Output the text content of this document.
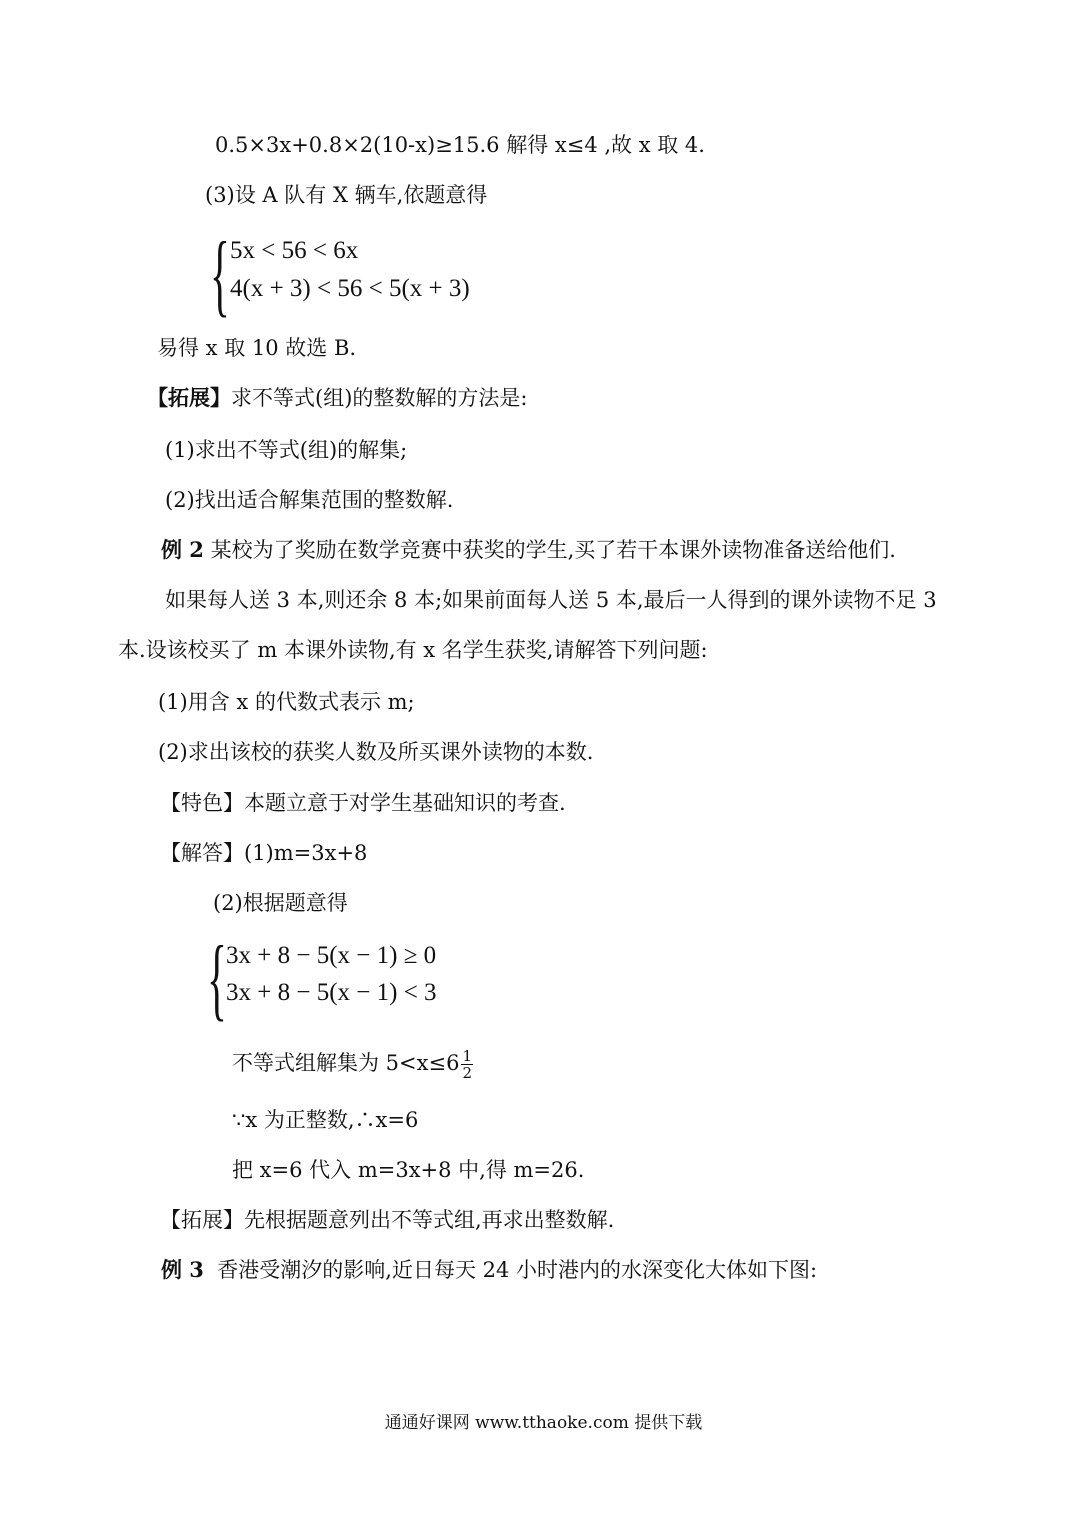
0.5×3x+0.8×2(10-x)≥15.6 解得 x≤4 ,故 x 取 4.
(3)设 A 队有 X 辆车,依题意得
{ 5x < 56 < 6x
4(x + 3) < 56 < 5(x + 3)
易得 x 取 10 故选 B.
【拓展】求不等式(组)的整数解的方法是:
(1)求出不等式(组)的解集;
(2)找出适合解集范围的整数解.
例 2 某校为了奖励在数学竞赛中获奖的学生,买了若干本课外读物准备送给他们.
如果每人送 3 本,则还余 8 本;如果前面每人送 5 本,最后一人得到的课外读物不足 3
本.设该校买了 m 本课外读物,有 x 名学生获奖,请解答下列问题:
(1)用含 x 的代数式表示 m;
(2)求出该校的获奖人数及所买课外读物的本数.
【特色】本题立意于对学生基础知识的考查.
【解答】(1)m=3x+8
(2)根据题意得
{ 3x + 8 − 5(x − 1) ≥ 0
3x + 8 − 5(x − 1) < 3
不等式组解集为 $5<x\le 6 \frac{1}{2}$
∵x 为正整数,∴x=6
把 x=6 代入 m=3x+8 中,得 m=26.
【拓展】先根据题意列出不等式组,再求出整数解.
例 3 香港受潮汐的影响,近日每天 24 小时港内的水深变化大体如下图:
通通好课网 www.tthaoke.com 提供下载
